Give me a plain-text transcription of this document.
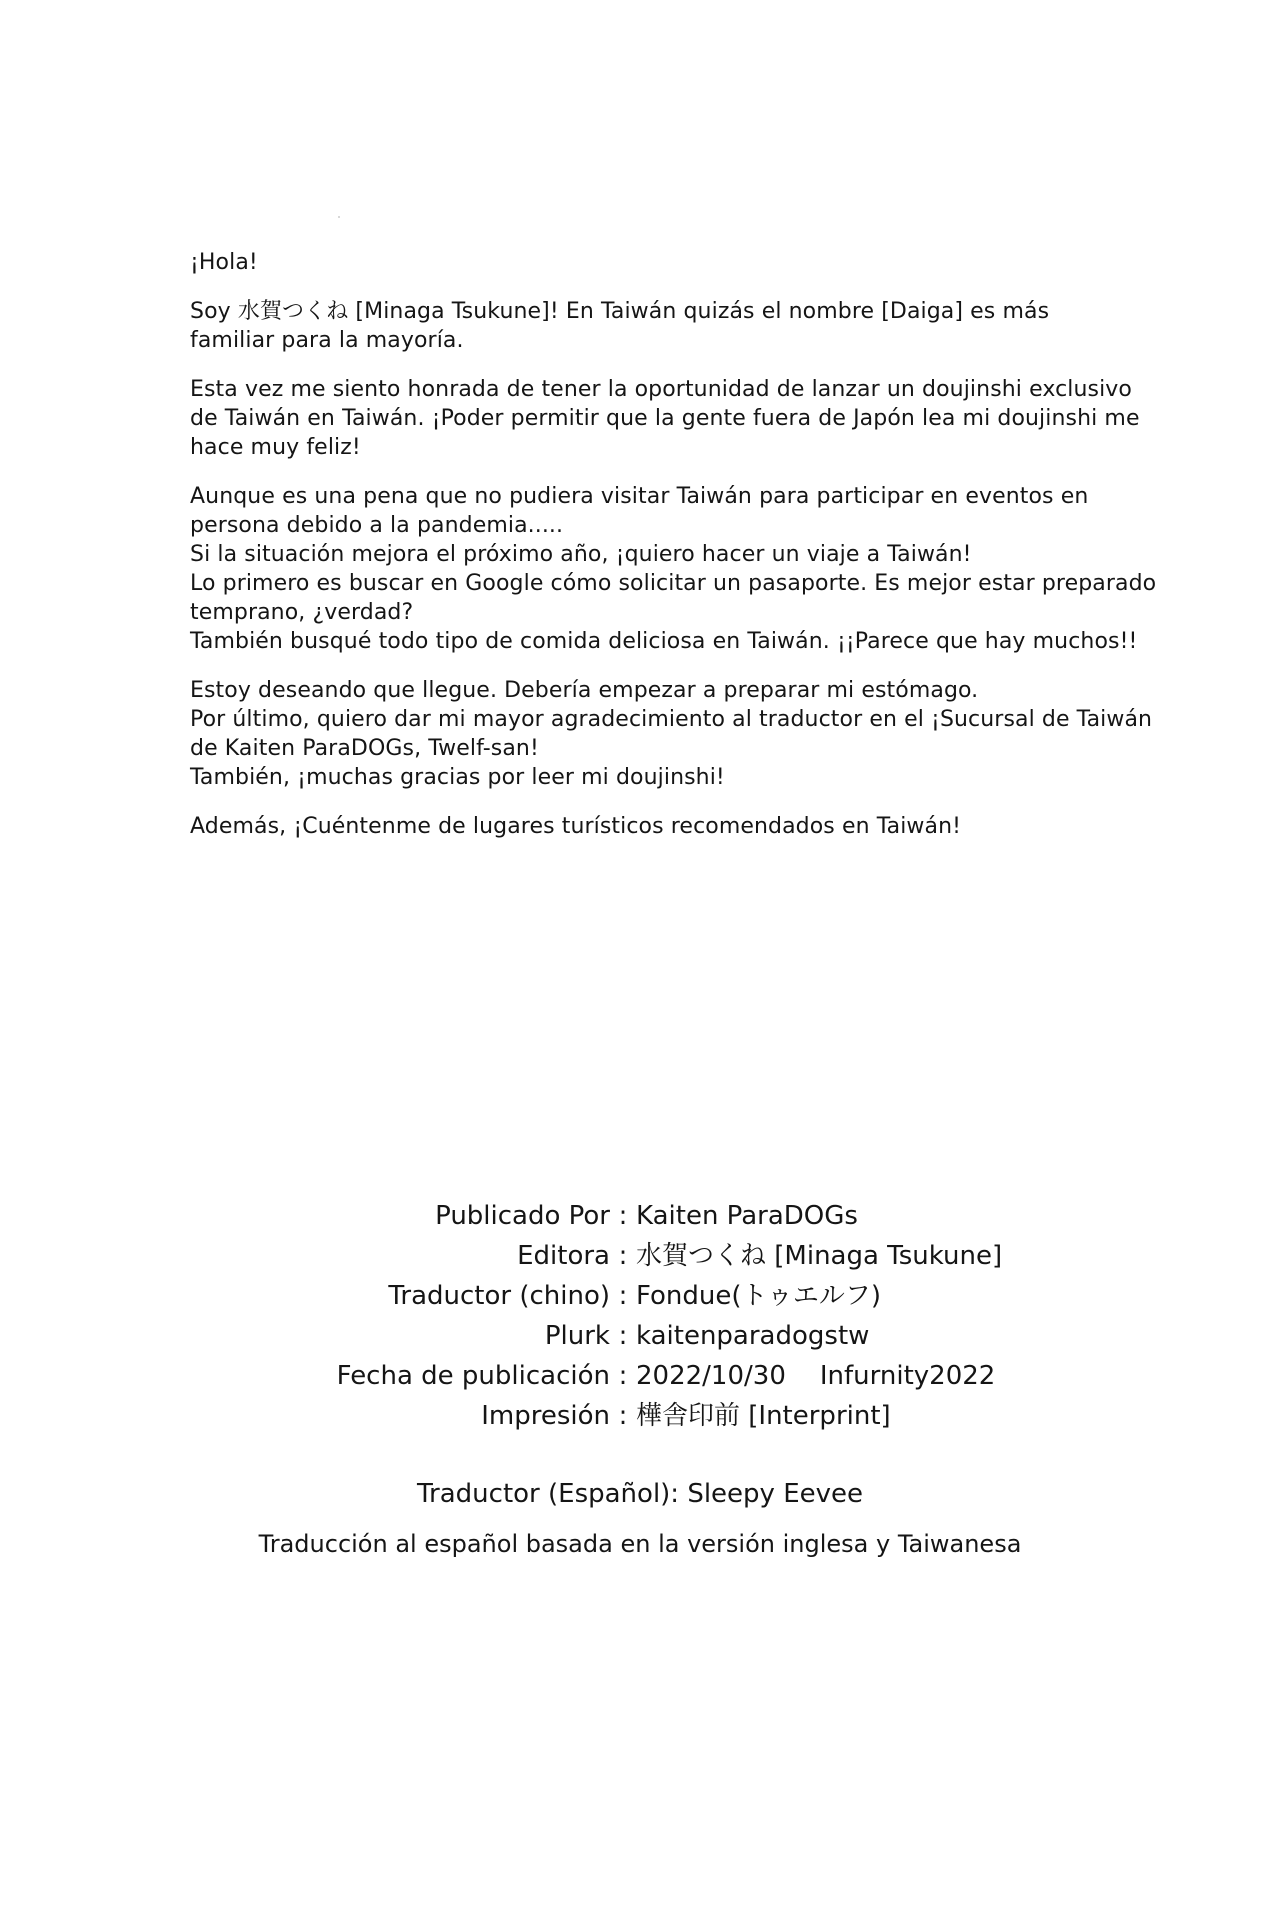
¡Hola!

Soy 水賀つくね [Minaga Tsukune]! En Taiwán quizás el nombre [Daiga] es más
familiar para la mayoría.

Esta vez me siento honrada de tener la oportunidad de lanzar un doujinshi exclusivo
de Taiwán en Taiwán. ¡Poder permitir que la gente fuera de Japón lea mi doujinshi me
hace muy feliz!

Aunque es una pena que no pudiera visitar Taiwán para participar en eventos en
persona debido a la pandemia.....
Si la situación mejora el próximo año, ¡quiero hacer un viaje a Taiwán!
Lo primero es buscar en Google cómo solicitar un pasaporte. Es mejor estar preparado
temprano, ¿verdad?
También busqué todo tipo de comida deliciosa en Taiwán. ¡¡Parece que hay muchos!!

Estoy deseando que llegue. Debería empezar a preparar mi estómago.
Por último, quiero dar mi mayor agradecimiento al traductor en el ¡Sucursal de Taiwán
de Kaiten ParaDOGs, Twelf-san!
También, ¡muchas gracias por leer mi doujinshi!

Además, ¡Cuéntenme de lugares turísticos recomendados en Taiwán!

Publicado Por : Kaiten ParaDOGs
Editora : 水賀つくね [Minaga Tsukune]
Traductor (chino) : Fondue(トゥエルフ)
Plurk : kaitenparadogstw
Fecha de publicación : 2022/10/30 Infurnity2022
Impresión : 樺舎印前 [Interprint]
Traductor (Español): Sleepy Eevee
Traducción al español basada en la versión inglesa y Taiwanesa
